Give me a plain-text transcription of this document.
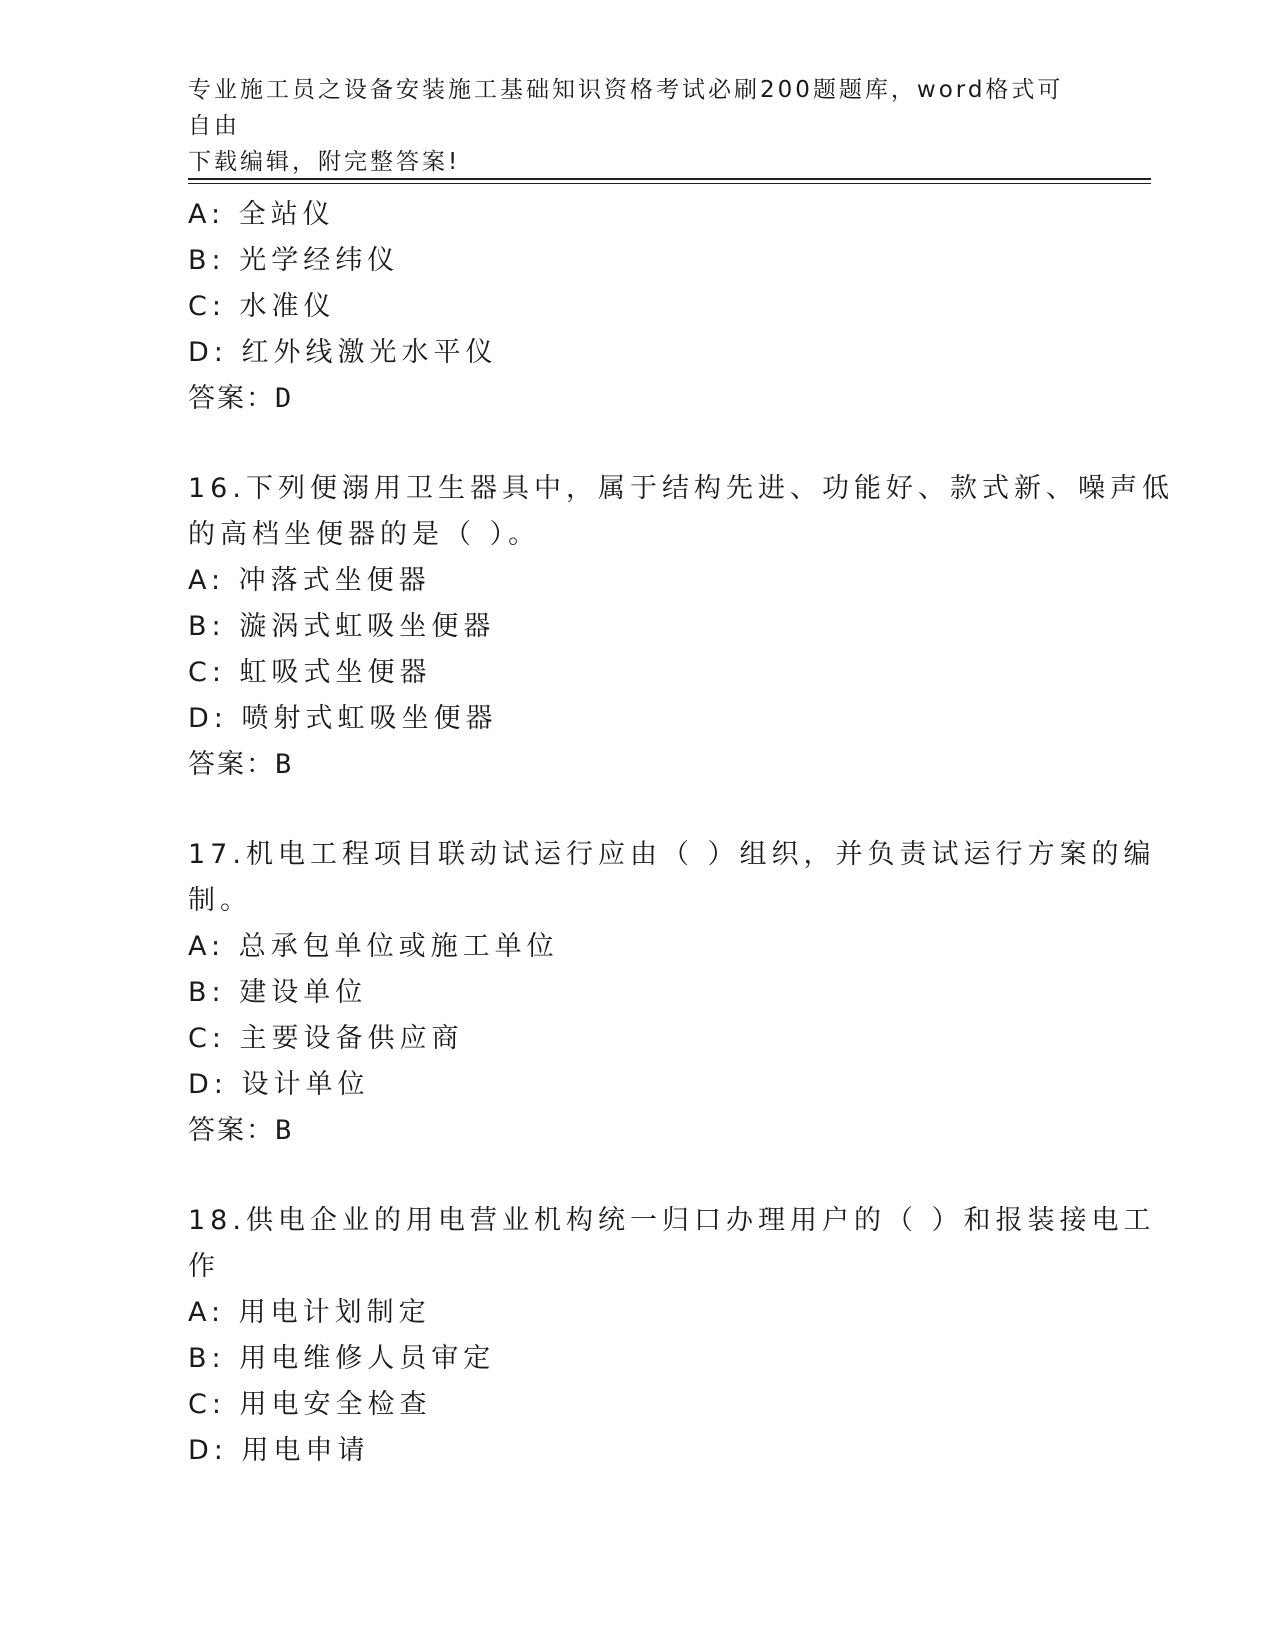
专业施工员之设备安装施工基础知识资格考试必刷200题题库，word格式可自由
下载编辑，附完整答案!
A: 全站仪
B: 光学经纬仪
C: 水准仪
D: 红外线激光水平仪
答案：D
16.下列便溺用卫生器具中，属于结构先进、功能好、款式新、噪声低
的高档坐便器的是（ ）。
A: 冲落式坐便器
B: 漩涡式虹吸坐便器
C: 虹吸式坐便器
D: 喷射式虹吸坐便器
答案：B
17.机电工程项目联动试运行应由（ ）组织，并负责试运行方案的编
制。
A: 总承包单位或施工单位
B: 建设单位
C: 主要设备供应商
D: 设计单位
答案：B
18.供电企业的用电营业机构统一归口办理用户的（ ）和报装接电工
作
A: 用电计划制定
B: 用电维修人员审定
C: 用电安全检查
D: 用电申请
